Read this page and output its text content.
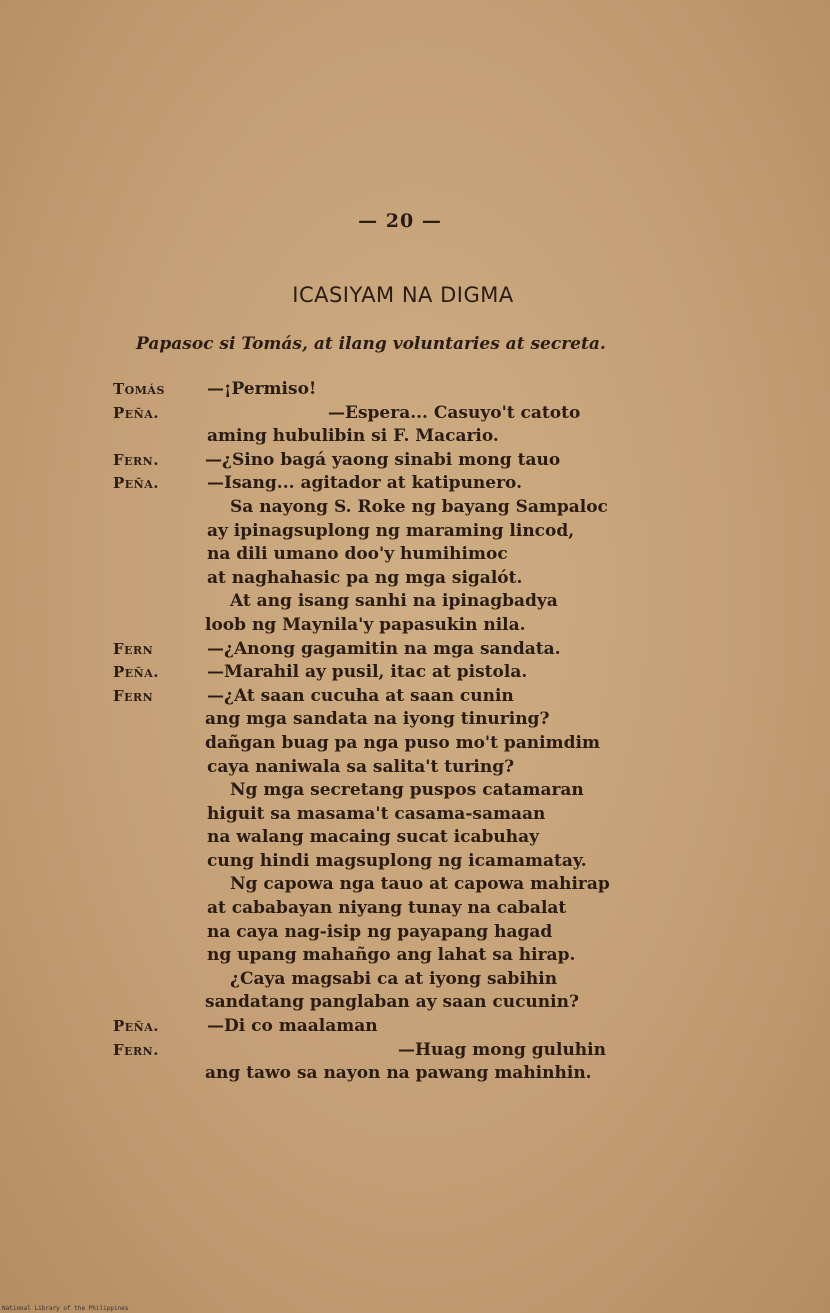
— 20 —
ICASIYAM NA DIGMA
Papasoc si Tomás, at ilang voluntaries at secreta.
Tomás —¡Permiso!
Peña.	—Espera... Casuyo't catoto
aming hubulibin si F. Macario.
Fern.	—¿Sino bagá yaong sinabi mong tauo
Peña.	—Isang... agitador at katipunero.
Sa nayong S. Roke ng bayang Sampaloc
ay ipinagsuplong ng maraming lincod,
na dili umano doo'y humihimoc
at naghahasic pa ng mga sigalót.
At ang isang sanhi na ipinagbadya
loob ng Maynila'y papasukin nila.
Fern	—¿Anong gagamitin na mga sandata.
Peña.	—Marahil ay pusil, itac at pistola.
Fern	—¿At saan cucuha at saan cunin
ang mga sandata na iyong tinuring?
dañgan buag pa nga puso mo't panimdim
caya naniwala sa salita't turing?
Ng mga secretang puspos catamaran
higuit sa masama't casama-samaan
na walang macaing sucat icabuhay
cung hindi magsuplong ng icamamatay.
Ng capowa nga tauo at capowa mahirap
at cababayan niyang tunay na cabalat
na caya nag-isip ng payapang hagad
ng upang mahañgo ang lahat sa hirap.
¿Caya magsabi ca at iyong sabihin
sandatang panglaban ay saan cucunin?
Peña.	—Di co maalaman
Fern.	—Huag mong guluhin
ang tawo sa nayon na pawang mahinhin.
National Library of the Philippines
